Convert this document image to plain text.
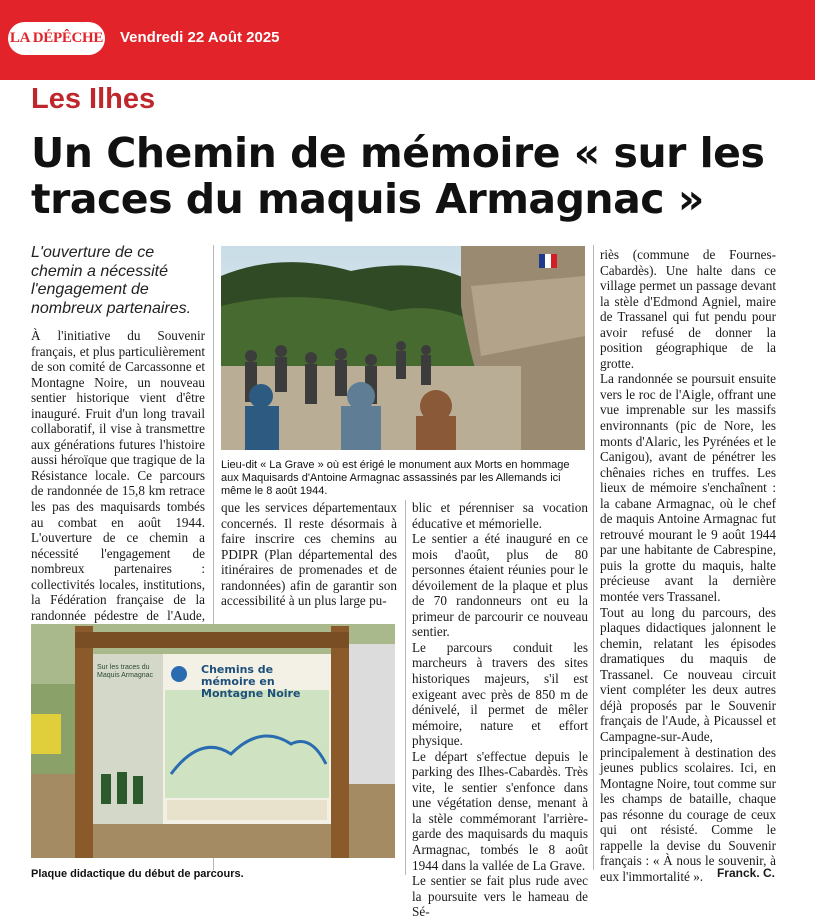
LA DÉPÊCHE Vendredi 22 Août 2025
Les Ilhes
Un Chemin de mémoire « sur les traces du maquis Armagnac »
L'ouverture de ce chemin a nécessité l'engagement de nombreux partenaires.

À l'initiative du Souvenir français, et plus particulièrement de son comité de Carcassonne et Montagne Noire, un nouveau sentier historique vient d'être inauguré. Fruit d'un long travail collaboratif, il vise à transmettre aux générations futures l'histoire aussi héroïque que tragique de la Résistance locale. Ce parcours de randonnée de 15,8 km retrace les pas des maquisards tombés au combat en août 1944. L'ouverture de ce chemin a nécessité l'engagement de nombreux partenaires : collectivités locales, institutions, la Fédération française de la randonnée pédestre de l'Aude,

Lieu-dit « La Grave » où est érigé le monument aux Morts en hommage aux Maquisards d'Antoine Armagnac assassinés par les Allemands ici même le 8 août 1944.

que les services départementaux concernés. Il reste désormais à faire inscrire ces chemins au PDIPR (Plan départemental des itinéraires de promenades et de randonnées) afin de garantir son accessibilité à un plus large pu-

blic et pérenniser sa vocation éducative et mémorielle.

Le sentier a été inauguré en ce mois d'août, plus de 80 personnes étaient réunies pour le dévoilement de la plaque et plus de 70 randonneurs ont eu la primeur de parcourir ce nouveau sentier.

Le parcours conduit les marcheurs à travers des sites historiques majeurs, s'il est exigeant avec près de 850 m de dénivelé, il permet de mêler mémoire, nature et effort physique.

Le départ s'effectue depuis le parking des Ilhes-Cabardès. Très vite, le sentier s'enfonce dans une végétation dense, menant à la stèle commémorant l'arrière-garde des maquisards du maquis Armagnac, tombés le 8 août 1944 dans la vallée de La Grave.

Le sentier se fait plus rude avec la poursuite vers le hameau de Sé-

riès (commune de Fournes-Cabardès). Une halte dans ce village permet un passage devant la stèle d'Edmond Agniel, maire de Trassanel qui fut pendu pour avoir refusé de donner la position géographique de la grotte.

La randonnée se poursuit ensuite vers le roc de l'Aigle, offrant une vue imprenable sur les massifs environnants (pic de Nore, les monts d'Alaric, les Pyrénées et le Canigou), avant de pénétrer les chênaies riches en truffes. Les lieux de mémoire s'enchaînent : la cabane Armagnac, où le chef de maquis Antoine Armagnac fut retrouvé mourant le 9 août 1944 par une habitante de Cabrespine, puis la grotte du maquis, halte précieuse avant la dernière montée vers Trassanel.

Tout au long du parcours, des plaques didactiques jalonnent le chemin, relatant les épisodes dramatiques du maquis de Trassanel. Ce nouveau circuit vient compléter les deux autres déjà proposés par le Souvenir français de l'Aude, à Picaussel et Campagne-sur-Aude, principalement à destination des jeunes publics scolaires. Ici, en Montagne Noire, tout comme sur les champs de bataille, chaque pas résonne du courage de ceux qui ont résisté. Comme le rappelle la devise du Souvenir français : « À nous le souvenir, à eux l'immortalité ».	Franck. C.
Chemins de mémoire en Montagne Noire
Sur les traces du Maquis Armagnac
Plaque didactique du début de parcours.
